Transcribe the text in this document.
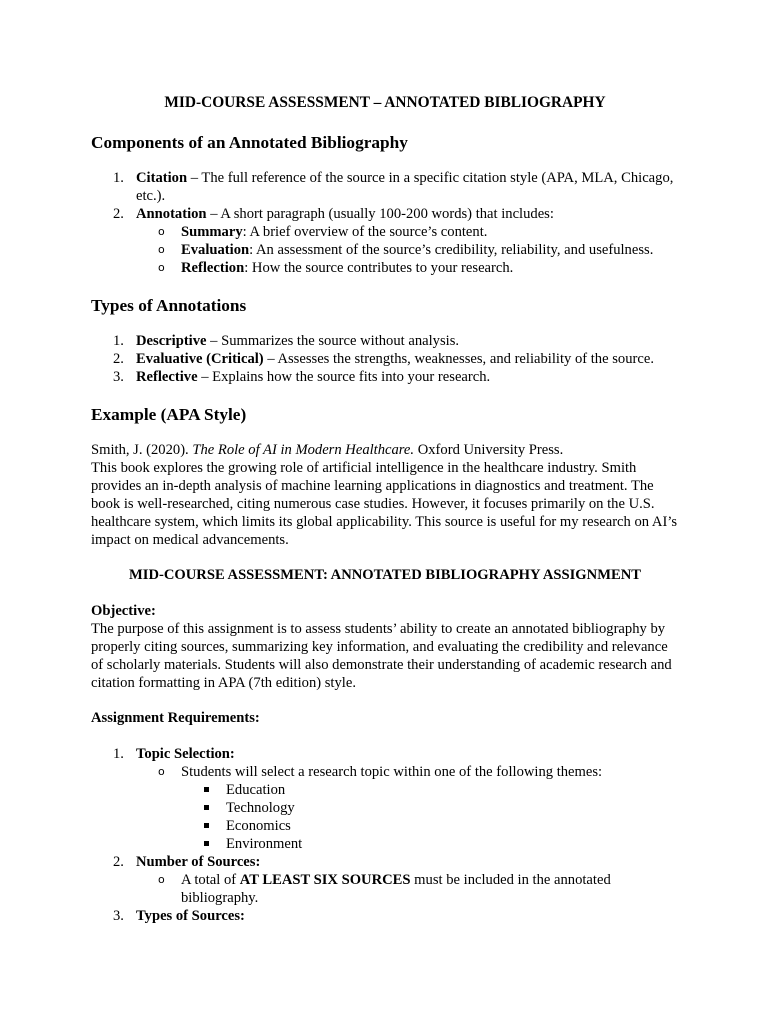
MID-COURSE ASSESSMENT – ANNOTATED BIBLIOGRAPHY

Components of an Annotated Bibliography
1. Citation – The full reference of the source in a specific citation style (APA, MLA, Chicago, etc.).
2. Annotation – A short paragraph (usually 100-200 words) that includes:
o Summary: A brief overview of the source’s content.
o Evaluation: An assessment of the source’s credibility, reliability, and usefulness.
o Reflection: How the source contributes to your research.
Types of Annotations
1. Descriptive – Summarizes the source without analysis.
2. Evaluative (Critical) – Assesses the strengths, weaknesses, and reliability of the source.
3. Reflective – Explains how the source fits into your research.
Example (APA Style)

Smith, J. (2020). The Role of AI in Modern Healthcare. Oxford University Press.

This book explores the growing role of artificial intelligence in the healthcare industry. Smith provides an in-depth analysis of machine learning applications in diagnostics and treatment. The book is well-researched, citing numerous case studies. However, it focuses primarily on the U.S. healthcare system, which limits its global applicability. This source is useful for my research on AI’s impact on medical advancements.

MID-COURSE ASSESSMENT: ANNOTATED BIBLIOGRAPHY ASSIGNMENT

Objective:

The purpose of this assignment is to assess students’ ability to create an annotated bibliography by properly citing sources, summarizing key information, and evaluating the credibility and relevance of scholarly materials. Students will also demonstrate their understanding of academic research and citation formatting in APA (7th edition) style.

Assignment Requirements:

1. Topic Selection:
o Students will select a research topic within one of the following themes:
Education
Technology
Economics
Environment
2. Number of Sources:
o A total of AT LEAST SIX SOURCES must be included in the annotated bibliography.
3. Types of Sources:
